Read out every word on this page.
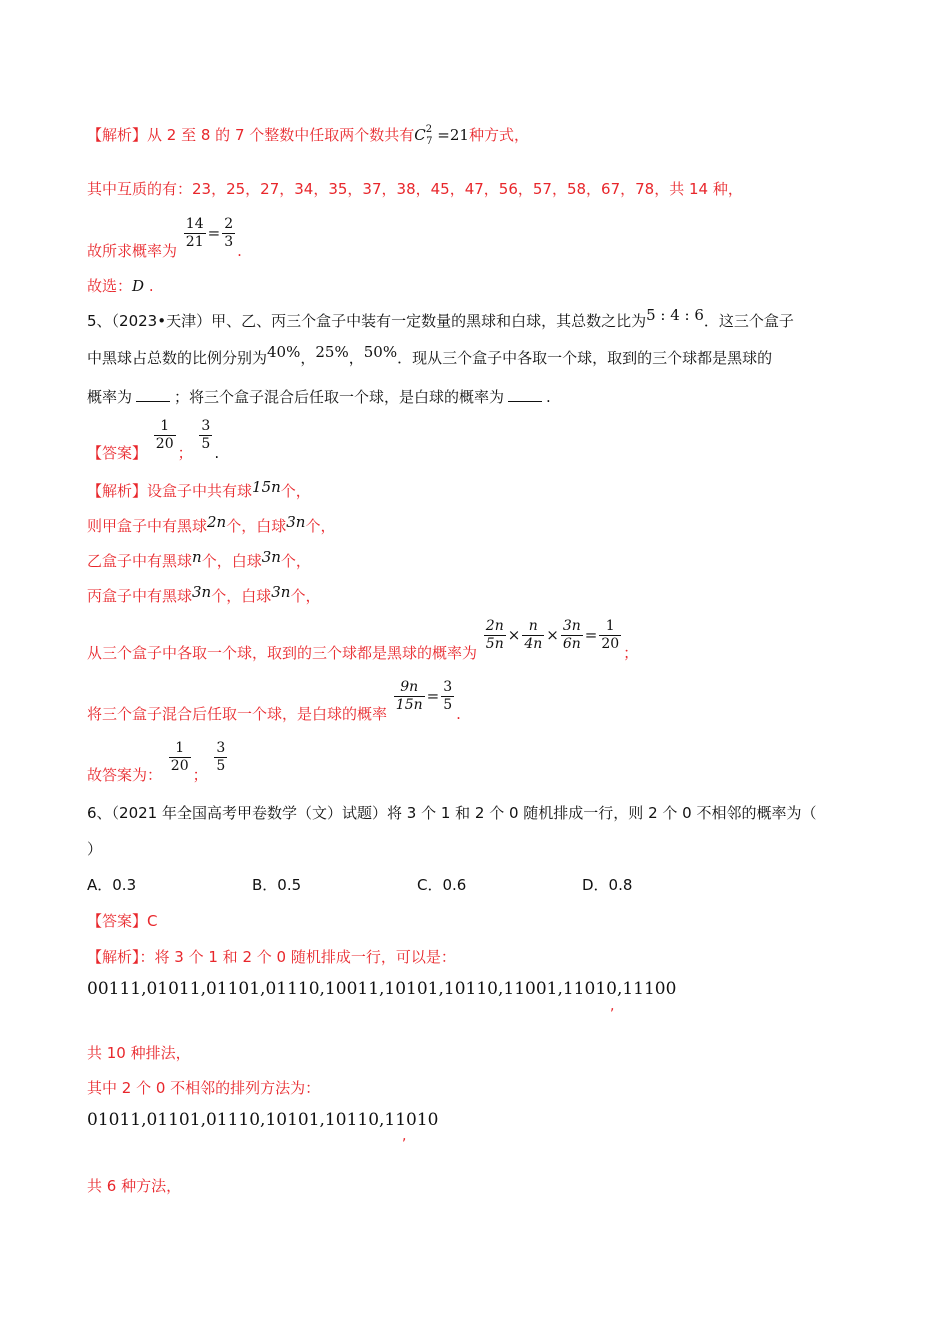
【解析】从 2 至 8 的 7 个整数中任取两个数共有$C^2_7 =21$种方式，
其中互质的有：23，25，27，34，35，37，38，45，47，56，57，58，67，78，共 14 种，
故所求概率为 $\frac{14}{21} = \frac{2}{3}$ .
故选：D .
5、（2023•天津）甲、乙、丙三个盒子中装有一定数量的黑球和白球，其总数之比为5 : 4 : 6．这三个盒子
中黑球占总数的比例分别为40%，25%，50%．现从三个盒子中各取一个球，取到的三个球都是黑球的
概率为	；将三个盒子混合后任取一个球，是白球的概率为	.
【答案】 $\frac{1}{20}$ ； $\frac{3}{5}$ .
【解析】设盒子中共有球15n个，
则甲盒子中有黑球2n个，白球3n个，
乙盒子中有黑球n个，白球3n个，
丙盒子中有黑球3n个，白球3n个，
从三个盒子中各取一个球，取到的三个球都是黑球的概率为 $\frac{2n}{5n} \times \frac{n}{4n} \times \frac{3n}{6n} = \frac{1}{20}$ ；
将三个盒子混合后任取一个球，是白球的概率 $\frac{9n}{15n} = \frac{3}{5}$ .
故答案为： $\frac{1}{20}$ ； $\frac{3}{5}$
6、（2021 年全国高考甲卷数学（文）试题）将 3 个 1 和 2 个 0 随机排成一行，则 2 个 0 不相邻的概率为（
）
A．0.3	B．0.5	C．0.6	D．0.8
【答案】C
【解析】：将 3 个 1 和 2 个 0 随机排成一行，可以是：
00111,01011,01101,01110,10011,10101,10110,11001,11010,11100
,
共 10 种排法，
其中 2 个 0 不相邻的排列方法为：
01011,01101,01110,10101,10110,11010
,
共 6 种方法，
